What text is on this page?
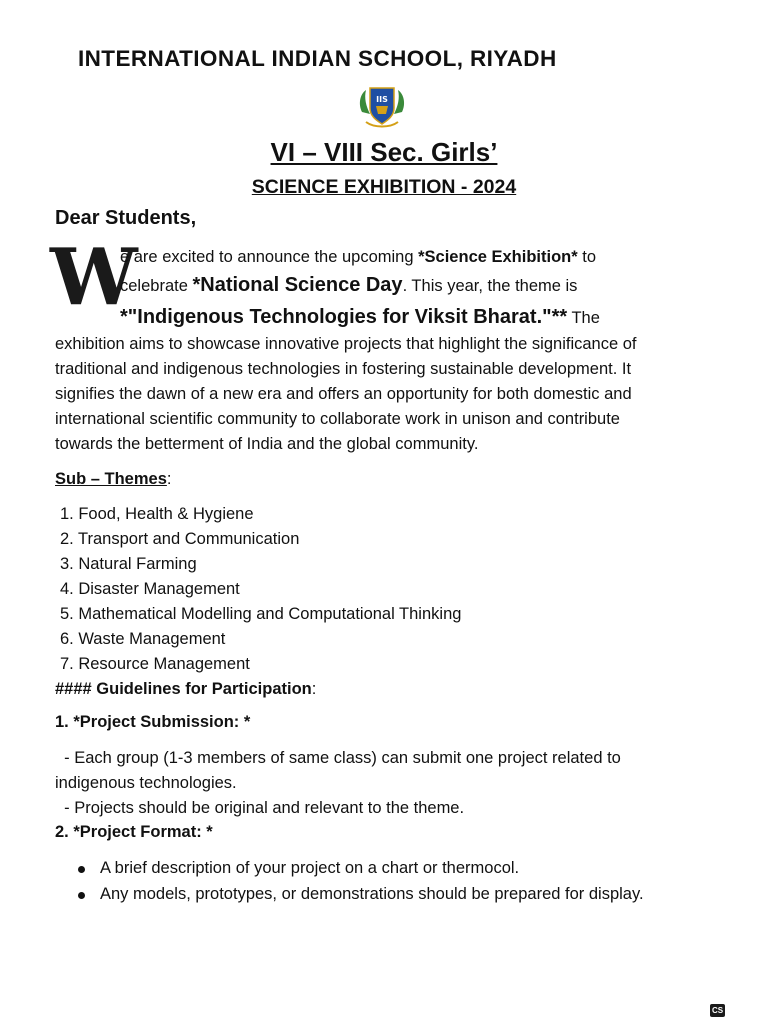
INTERNATIONAL INDIAN SCHOOL, RIYADH
IIS
VI – VIII Sec. Girls’
SCIENCE EXHIBITION - 2024
Dear Students,
W
e are excited to announce the upcoming *Science Exhibition* to
celebrate *National Science Day. This year, the theme is
*"Indigenous Technologies for Viksit Bharat."** The
exhibition aims to showcase innovative projects that highlight the significance of
traditional and indigenous technologies in fostering sustainable development. It
signifies the dawn of a new era and offers an opportunity for both domestic and
international scientific community to collaborate work in unison and contribute
towards the betterment of India and the global community.
Sub – Themes:
1. Food, Health & Hygiene
2. Transport and Communication
3. Natural Farming
4. Disaster Management
5. Mathematical Modelling and Computational Thinking
6. Waste Management
7. Resource Management
#### Guidelines for Participation:
1. *Project Submission: *
- Each group (1-3 members of same class) can submit one project related to
indigenous technologies.
- Projects should be original and relevant to the theme.
2. *Project Format: *
A brief description of your project on a chart or thermocol.
Any models, prototypes, or demonstrations should be prepared for display.
CS
